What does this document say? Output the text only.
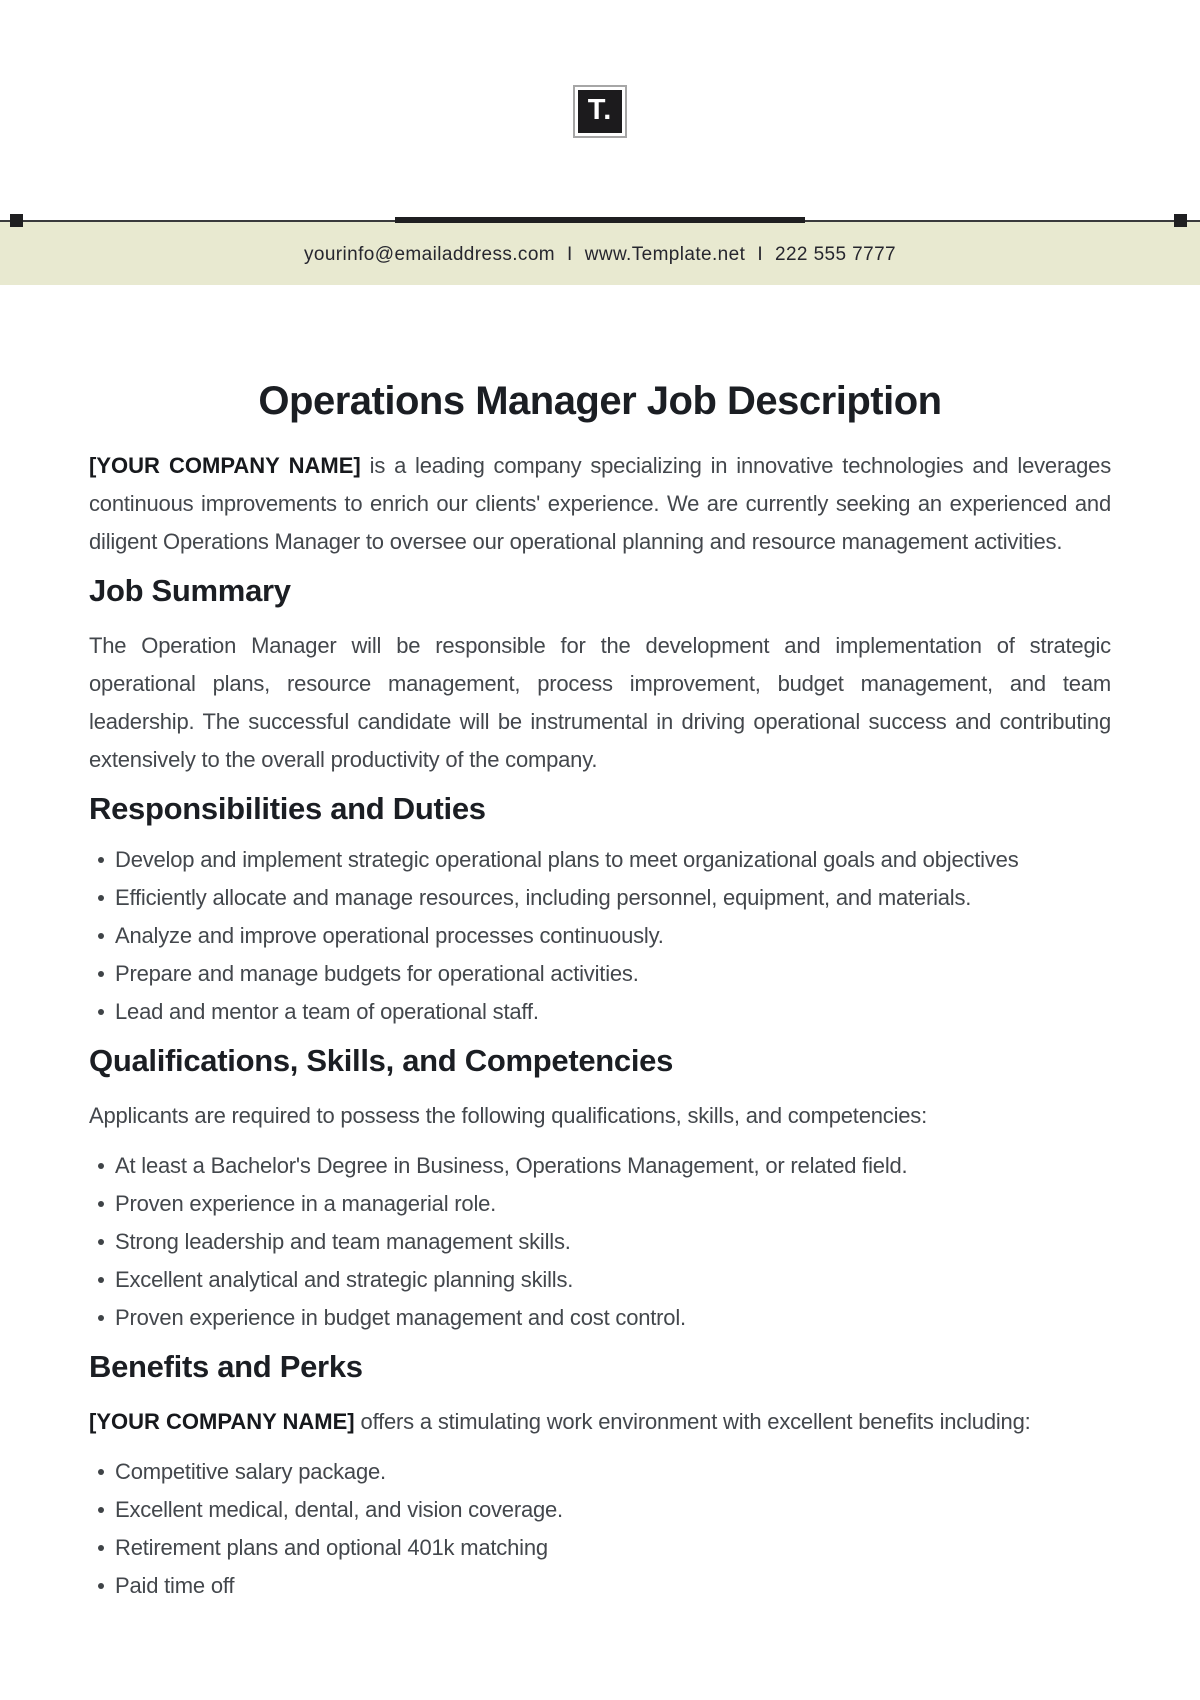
T.
yourinfo@emailaddress.com I www.Template.net I 222 555 7777
Operations Manager Job Description

[YOUR COMPANY NAME] is a leading company specializing in innovative technologies and leverages continuous improvements to enrich our clients' experience. We are currently seeking an experienced and diligent Operations Manager to oversee our operational planning and resource management activities.

Job Summary

The Operation Manager will be responsible for the development and implementation of strategic operational plans, resource management, process improvement, budget management, and team leadership. The successful candidate will be instrumental in driving operational success and contributing extensively to the overall productivity of the company.

Responsibilities and Duties
Develop and implement strategic operational plans to meet organizational goals and objectives
Efficiently allocate and manage resources, including personnel, equipment, and materials.
Analyze and improve operational processes continuously.
Prepare and manage budgets for operational activities.
Lead and mentor a team of operational staff.
Qualifications, Skills, and Competencies

Applicants are required to possess the following qualifications, skills, and competencies:

At least a Bachelor's Degree in Business, Operations Management, or related field.
Proven experience in a managerial role.
Strong leadership and team management skills.
Excellent analytical and strategic planning skills.
Proven experience in budget management and cost control.
Benefits and Perks

[YOUR COMPANY NAME] offers a stimulating work environment with excellent benefits including:

Competitive salary package.
Excellent medical, dental, and vision coverage.
Retirement plans and optional 401k matching
Paid time off
